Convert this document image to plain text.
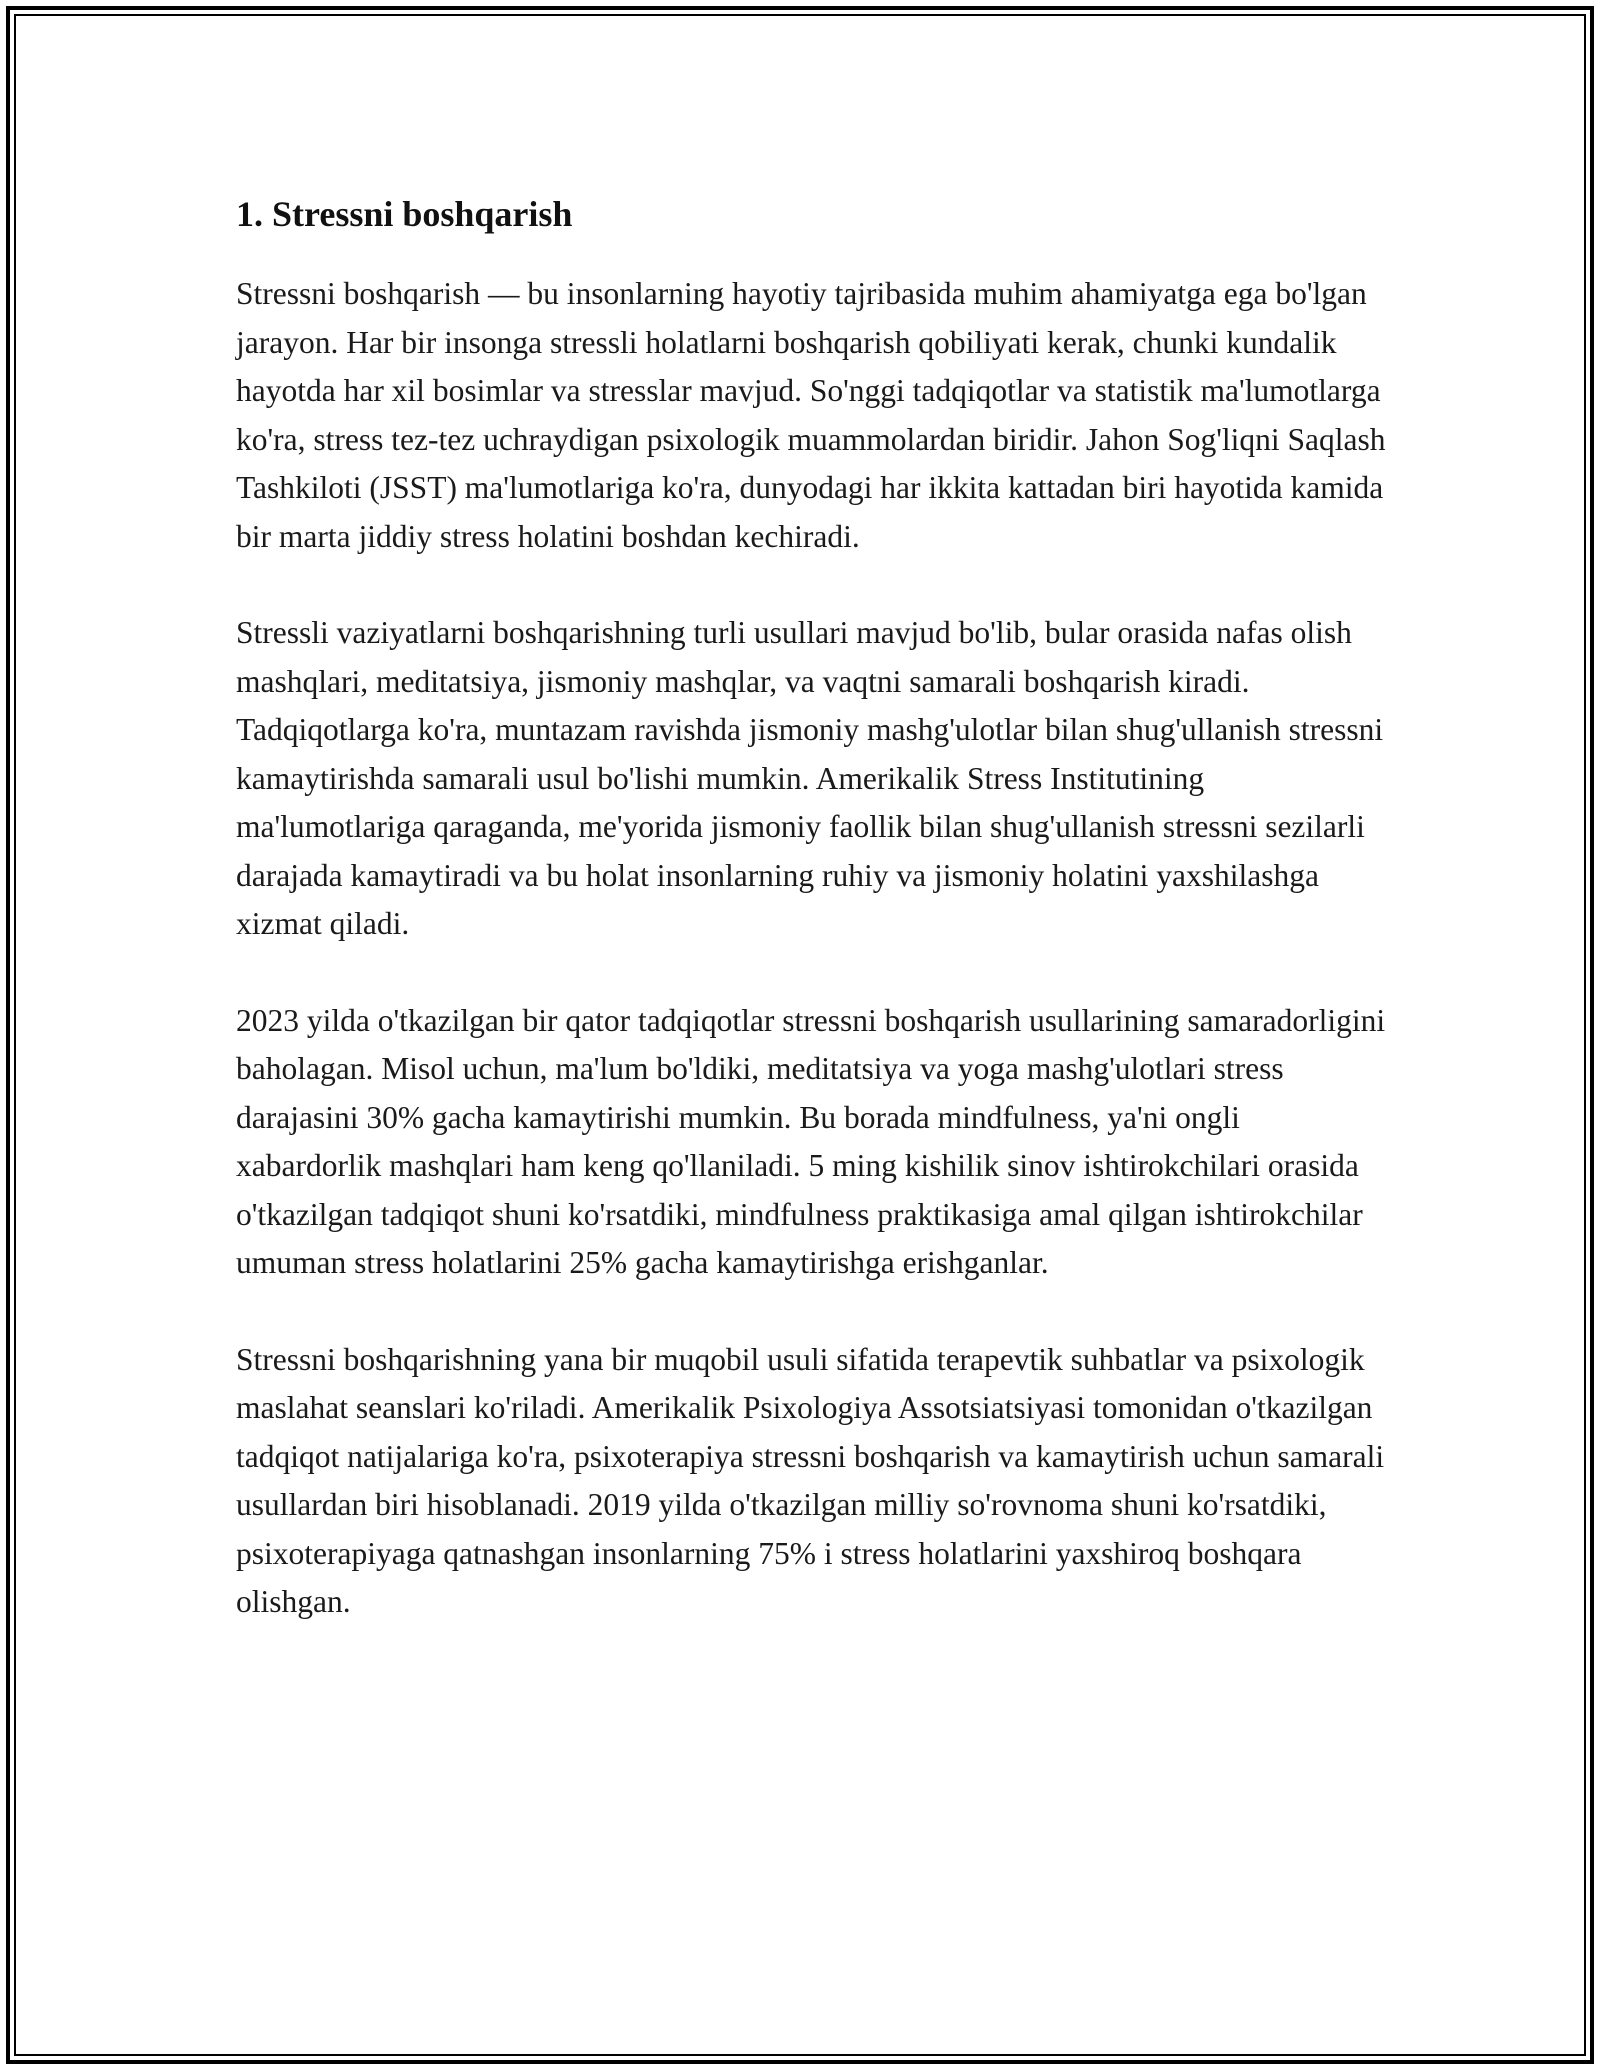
1. Stressni boshqarish

Stressni boshqarish — bu insonlarning hayotiy tajribasida muhim ahamiyatga ega bo'lgan jarayon. Har bir insonga stressli holatlarni boshqarish qobiliyati kerak, chunki kundalik hayotda har xil bosimlar va stresslar mavjud. So'nggi tadqiqotlar va statistik ma'lumotlarga ko'ra, stress tez-tez uchraydigan psixologik muammolardan biridir. Jahon Sog'liqni Saqlash Tashkiloti (JSST) ma'lumotlariga ko'ra, dunyodagi har ikkita kattadan biri hayotida kamida bir marta jiddiy stress holatini boshdan kechiradi.

Stressli vaziyatlarni boshqarishning turli usullari mavjud bo'lib, bular orasida nafas olish mashqlari, meditatsiya, jismoniy mashqlar, va vaqtni samarali boshqarish kiradi. Tadqiqotlarga ko'ra, muntazam ravishda jismoniy mashg'ulotlar bilan shug'ullanish stressni kamaytirishda samarali usul bo'lishi mumkin. Amerikalik Stress Institutining ma'lumotlariga qaraganda, me'yorida jismoniy faollik bilan shug'ullanish stressni sezilarli darajada kamaytiradi va bu holat insonlarning ruhiy va jismoniy holatini yaxshilashga xizmat qiladi.

2023 yilda o'tkazilgan bir qator tadqiqotlar stressni boshqarish usullarining samaradorligini baholagan. Misol uchun, ma'lum bo'ldiki, meditatsiya va yoga mashg'ulotlari stress darajasini 30% gacha kamaytirishi mumkin. Bu borada mindfulness, ya'ni ongli xabardorlik mashqlari ham keng qo'llaniladi. 5 ming kishilik sinov ishtirokchilari orasida o'tkazilgan tadqiqot shuni ko'rsatdiki, mindfulness praktikasiga amal qilgan ishtirokchilar umuman stress holatlarini 25% gacha kamaytirishga erishganlar.

Stressni boshqarishning yana bir muqobil usuli sifatida terapevtik suhbatlar va psixologik maslahat seanslari ko'riladi. Amerikalik Psixologiya Assotsiatsiyasi tomonidan o'tkazilgan tadqiqot natijalariga ko'ra, psixoterapiya stressni boshqarish va kamaytirish uchun samarali usullardan biri hisoblanadi. 2019 yilda o'tkazilgan milliy so'rovnoma shuni ko'rsatdiki, psixoterapiyaga qatnashgan insonlarning 75% i stress holatlarini yaxshiroq boshqara olishgan.
